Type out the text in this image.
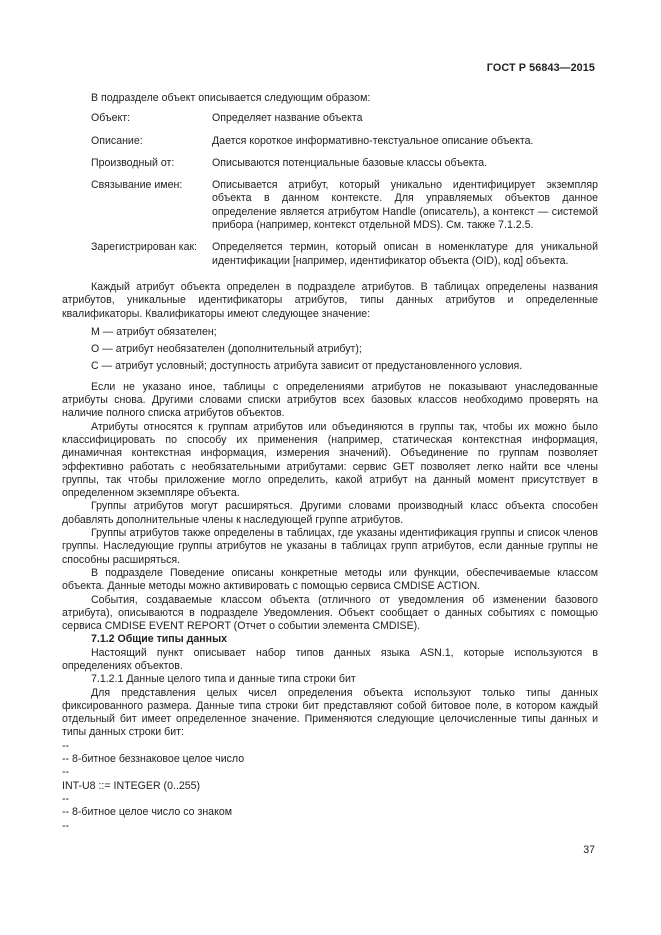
ГОСТ Р 56843—2015

В подразделе объект описывается следующим образом:

Объект:	Определяет название объекта
Описание:	Дается короткое информативно-текстуальное описание объекта.
Производный от:	Описываются потенциальные базовые классы объекта.
Связывание имен:	Описывается атрибут, который уникально идентифицирует экземпляр объекта в данном контексте. Для управляемых объектов данное определение является атрибутом Handle (описатель), а контекст — системой прибора (например, контекст отдельной MDS). См. также 7.1.2.5.
Зарегистрирован как:	Определяется термин, который описан в номенклатуре для уникальной идентификации [например, идентификатор объекта (OID), код] объекта.

Каждый атрибут объекта определен в подразделе атрибутов. В таблицах определены названия атрибутов, уникальные идентификаторы атрибутов, типы данных атрибутов и определенные квалификаторы. Квалификаторы имеют следующее значение:

М — атрибут обязателен;

О — атрибут необязателен (дополнительный атрибут);

С — атрибут условный; доступность атрибута зависит от предустановленного условия.

Если не указано иное, таблицы с определениями атрибутов не показывают унаследованные атрибуты снова. Другими словами списки атрибутов всех базовых классов необходимо проверять на наличие полного списка атрибутов объектов.

Атрибуты относятся к группам атрибутов или объединяются в группы так, чтобы их можно было классифицировать по способу их применения (например, статическая контекстная информация, динамичная контекстная информация, измерения значений). Объединение по группам позволяет эффективно работать с необязательными атрибутами: сервис GET позволяет легко найти все члены группы, так чтобы приложение могло определить, какой атрибут на данный момент присутствует в определенном экземпляре объекта.

Группы атрибутов могут расширяться. Другими словами производный класс объекта способен добавлять дополнительные члены к наследующей группе атрибутов.

Группы атрибутов также определены в таблицах, где указаны идентификация группы и список членов группы. Наследующие группы атрибутов не указаны в таблицах групп атрибутов, если данные группы не способны расширяться.

В подразделе Поведение описаны конкретные методы или функции, обеспечиваемые классом объекта. Данные методы можно активировать с помощью сервиса CMDISE ACTION.

События, создаваемые классом объекта (отличного от уведомления об изменении базового атрибута), описываются в подразделе Уведомления. Объект сообщает о данных событиях с помощью сервиса CMDISE EVENT REPORT (Отчет о событии элемента CMDISE).

7.1.2 Общие типы данных

Настоящий пункт описывает набор типов данных языка ASN.1, которые используются в определениях объектов.

7.1.2.1 Данные целого типа и данные типа строки бит

Для представления целых чисел определения объекта используют только типы данных фиксированного размера. Данные типа строки бит представляют собой битовое поле, в котором каждый отдельный бит имеет определенное значение. Применяются следующие целочисленные типы данных и типы данных строки бит:

--

-- 8-битное беззнаковое целое число

--

INT-U8 ::= INTEGER (0..255)

--

-- 8-битное целое число со знаком

--

37
